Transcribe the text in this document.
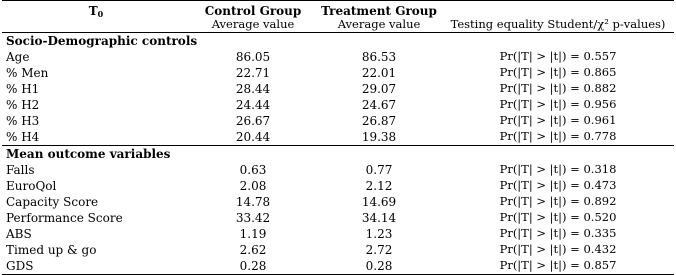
$T_0$	Control Group	Treatment Group	
	Average value	Average value	Testing equality Student/χ² p-values)
Socio-Demographic controls			
Age	86.05	86.53	Pr(|T| > |t|) = 0.557
% Men	22.71	22.01	Pr(|T| > |t|) = 0.865
% H1	28.44	29.07	Pr(|T| > |t|) = 0.882
% H2	24.44	24.67	Pr(|T| > |t|) = 0.956
% H3	26.67	26.87	Pr(|T| > |t|) = 0.961
% H4	20.44	19.38	Pr(|T| > |t|) = 0.778
Mean outcome variables			
Falls	0.63	0.77	Pr(|T| > |t|) = 0.318
EuroQol	2.08	2.12	Pr(|T| > |t|) = 0.473
Capacity Score	14.78	14.69	Pr(|T| > |t|) = 0.892
Performance Score	33.42	34.14	Pr(|T| > |t|) = 0.520
ABS	1.19	1.23	Pr(|T| > |t|) = 0.335
Timed up & go	2.62	2.72	Pr(|T| > |t|) = 0.432
GDS	0.28	0.28	Pr(|T| > |t|) = 0.857
